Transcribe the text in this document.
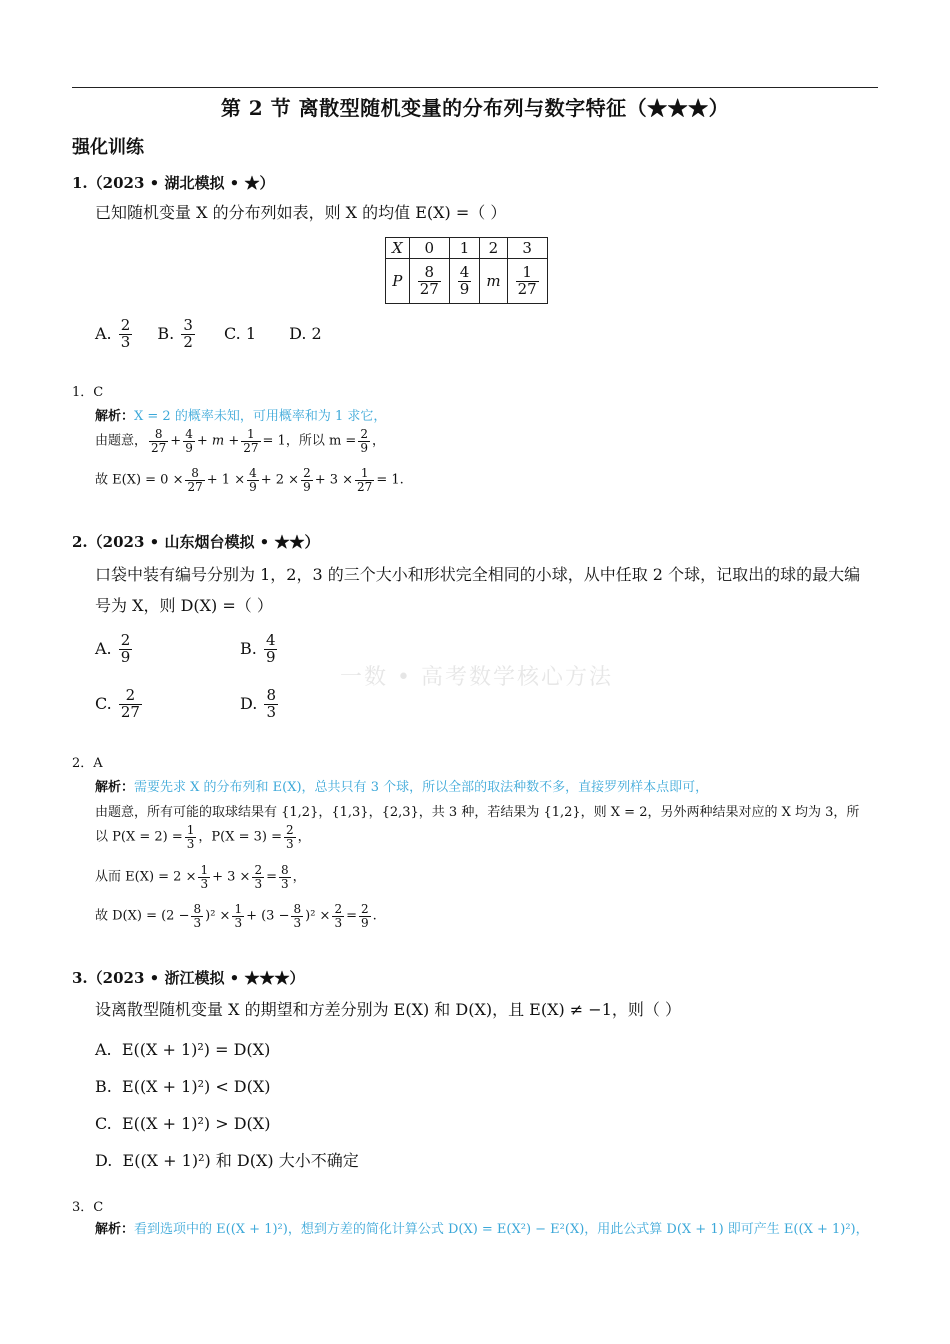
第 2 节 离散型随机变量的分布列与数字特征（★★★）
强化训练
1.（2023 • 湖北模拟 • ★）
已知随机变量 X 的分布列如表，则 X 的均值 E(X) =（ ）
X	0	1	2	3
P	$\frac{8}{27}$	$\frac{4}{9}$	m	$\frac{1}{27}$
A. $\frac{2}{3} B$. $\frac{3}{2} C$. 1 D. 2
1．C
解析：X = 2 的概率未知，可用概率和为 1 求它，
由题意， $\frac{8}{27} + \frac{4}{9} + m + \frac{1}{27} = 1$，所以 $m = \frac{2}{9}$ ，
故 $E(X) = 0 \times \frac{8}{27} + 1 \times \frac{4}{9} + 2 \times \frac{2}{9} + 3 \times \frac{1}{27} = 1$.
2.（2023 • 山东烟台模拟 • ★★）
口袋中装有编号分别为 1，2，3 的三个大小和形状完全相同的小球，从中任取 2 个球，记取出的球的最大编
号为 X，则 D(X) =（ ）
A. $\frac{2}{9}$	B. $\frac{4}{9}$
C. $\frac{2}{27}$	D. $\frac{8}{3}$
一数 • 高考数学核心方法
2．A
解析：需要先求 X 的分布列和 E(X)，总共只有 3 个球，所以全部的取法种数不多，直接罗列样本点即可，
由题意，所有可能的取球结果有 {1,2}，{1,3}，{2,3}，共 3 种，若结果为 {1,2}，则 X = 2，另外两种结果对应的 X 均为 3，所
以 $P(X = 2) = \frac{1}{3}$ ，$P(X = 3) = \frac{2}{3}$ ，
从而 $E(X) = 2 \times \frac{1}{3} + 3 \times \frac{2}{3} = \frac{8}{3}$ ，
故 $D(X) = (2 - \frac{8}{3} )^2 \times \frac{1}{3} + (3 - \frac{8}{3} )^2 \times \frac{2}{3} = \frac{2}{9}$ .
3.（2023 • 浙江模拟 • ★★★）
设离散型随机变量 X 的期望和方差分别为 E(X) 和 D(X)，且 E(X) ≠ −1，则（ ）
A. E((X + 1)²) = D(X)
B. E((X + 1)²) < D(X)
C. E((X + 1)²) > D(X)
D. E((X + 1)²) 和 D(X) 大小不确定
3．C
解析：看到选项中的 E((X + 1)²)，想到方差的简化计算公式 D(X) = E(X²) − E²(X)，用此公式算 D(X + 1) 即可产生 E((X + 1)²)，
